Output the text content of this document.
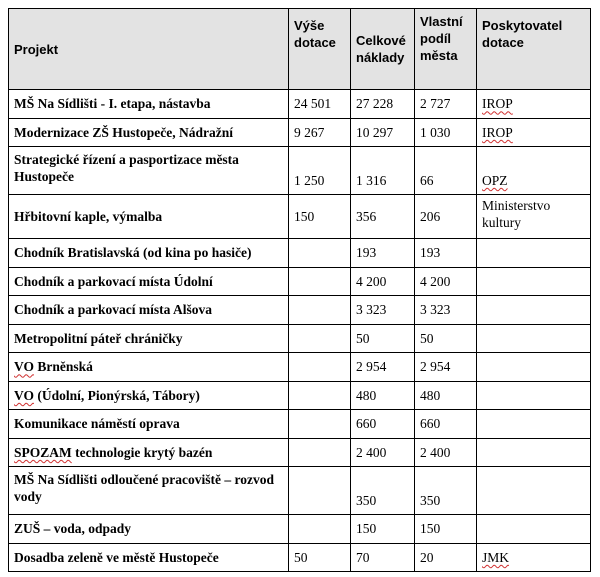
Projekt	Výše dotace	Celkové náklady	Vlastní podíl města	Poskytovatel dotace
MŠ Na Sídlišti - I. etapa, nástavba	24 501	27 228	2 727	IROP
Modernizace ZŠ Hustopeče, Nádražní	9 267	10 297	1 030	IROP
Strategické řízení a pasportizace města Hustopeče	1 250	1 316	66	OPZ
Hřbitovní kaple, výmalba	150	356	206	Ministerstvo kultury
Chodník Bratislavská (od kina po hasiče)		193	193	
Chodník a parkovací místa Údolní		4 200	4 200	
Chodník a parkovací místa Alšova		3 323	3 323	
Metropolitní páteř chráničky		50	50	
VO Brněnská		2 954	2 954	
VO (Údolní, Pionýrská, Tábory)		480	480	
Komunikace náměstí oprava		660	660	
SPOZAM technologie krytý bazén		2 400	2 400	
MŠ Na Sídlišti odloučené pracoviště – rozvod vody		350	350	
ZUŠ – voda, odpady		150	150	
Dosadba zeleně ve městě Hustopeče	50	70	20	JMK
